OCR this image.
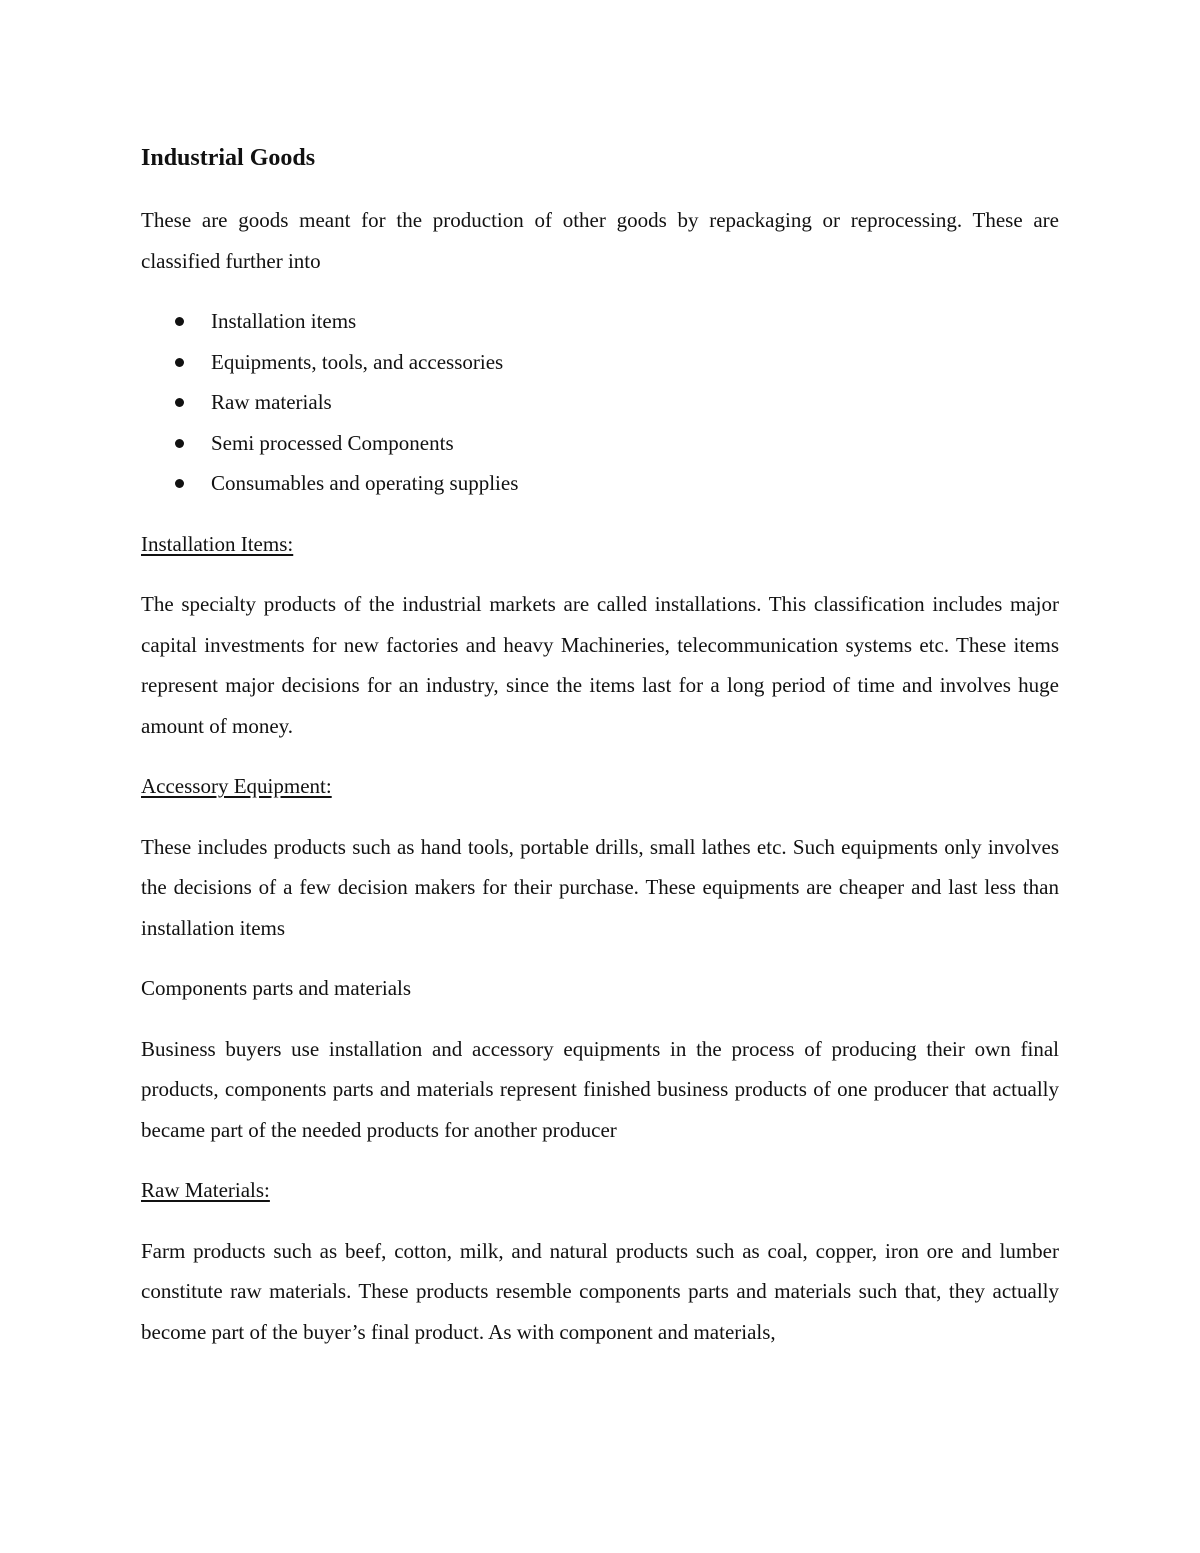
Industrial Goods
These are goods meant for the production of other goods by repackaging or reprocessing. These are classified further into
Installation items
Equipments, tools, and accessories
Raw materials
Semi processed Components
Consumables and operating supplies
Installation Items:
The specialty products of the industrial markets are called installations. This classification includes major capital investments for new factories and heavy Machineries, telecommunication systems etc. These items represent major decisions for an industry, since the items last for a long period of time and involves huge amount of money.
Accessory Equipment:
These includes products such as hand tools, portable drills, small lathes etc. Such equipments only involves the decisions of a few decision makers for their purchase. These equipments are cheaper and last less than installation items
Components parts and materials
Business buyers use installation and accessory equipments in the process of producing their own final products, components parts and materials represent finished business products of one producer that actually became part of the needed products for another producer
Raw Materials:
Farm products such as beef, cotton, milk, and natural products such as coal, copper, iron ore and lumber constitute raw materials. These products resemble components parts and materials such that, they actually become part of the buyer’s final product. As with component and materials,
